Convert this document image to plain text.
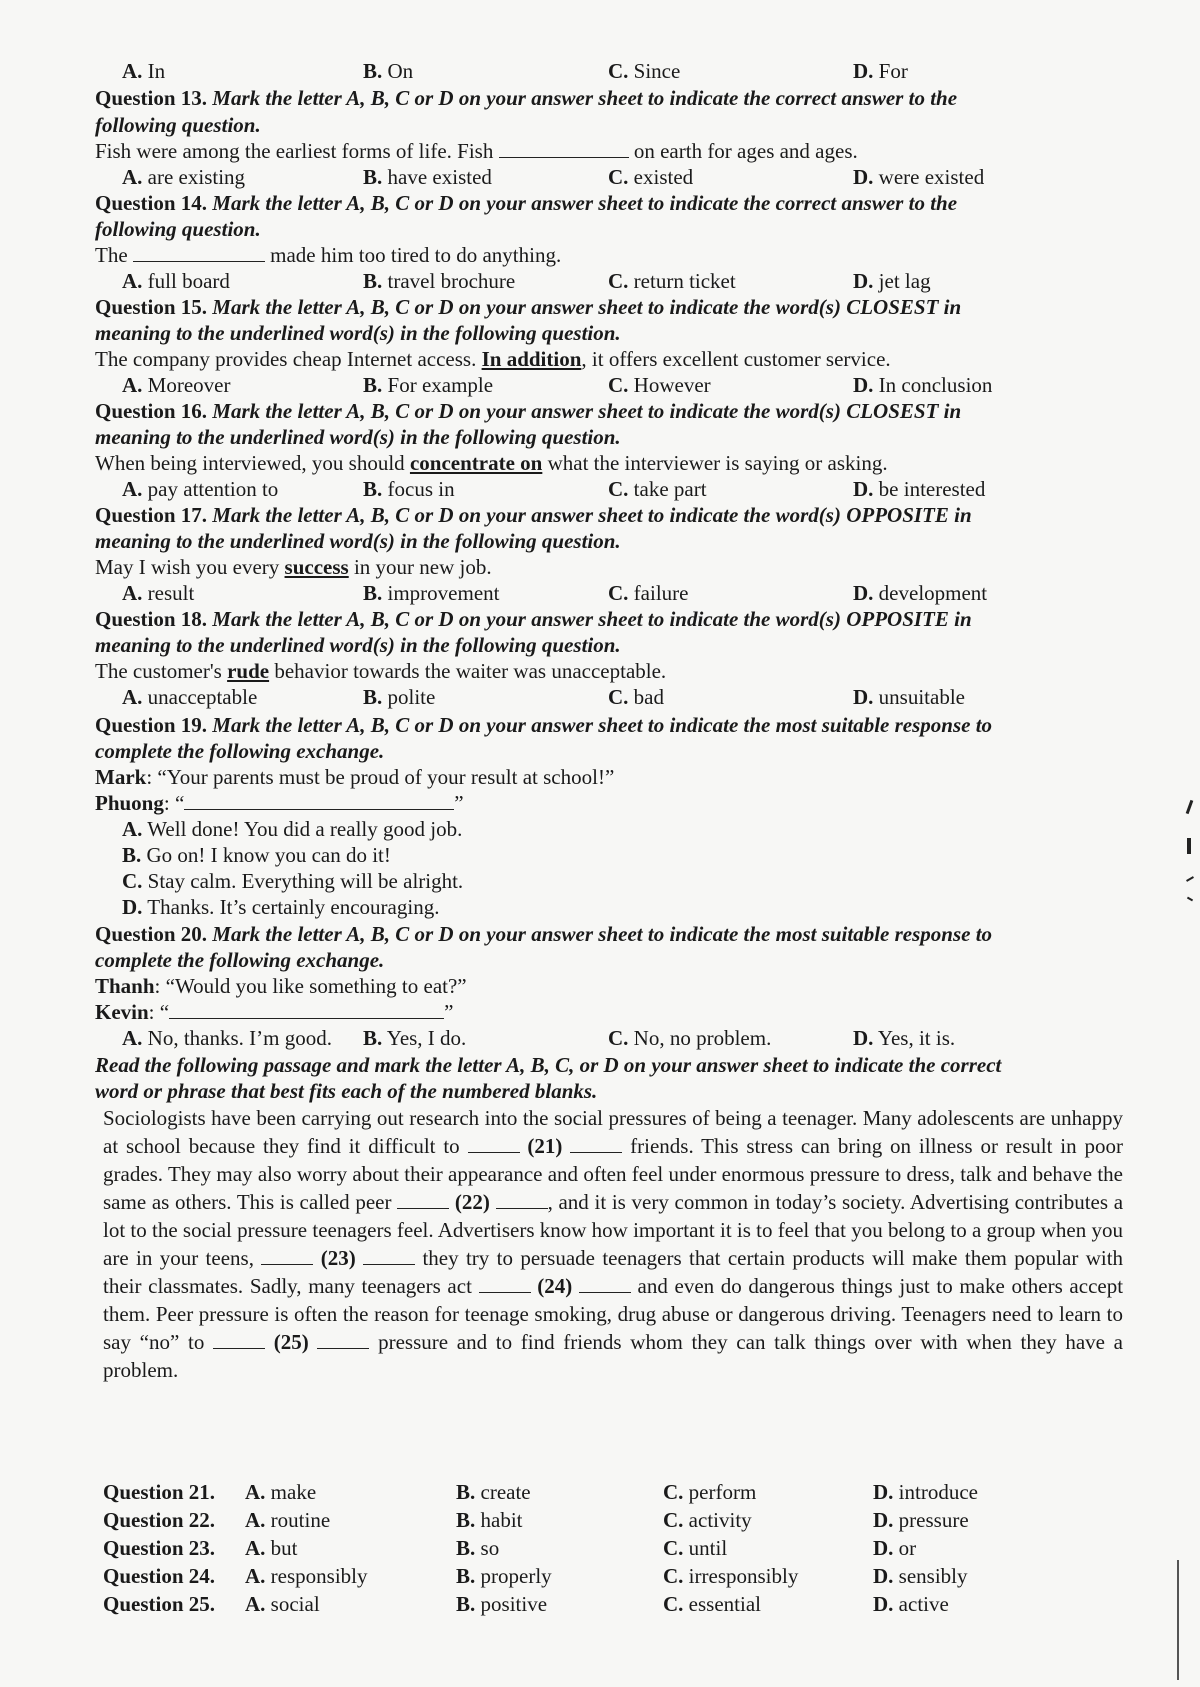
A. In	B. On	C. Since	D. For
Question 13. Mark the letter A, B, C or D on your answer sheet to indicate the correct answer to the
following question.
Fish were among the earliest forms of life. Fish	on earth for ages and ages.
A. are existing	B. have existed	C. existed	D. were existed
Question 14. Mark the letter A, B, C or D on your answer sheet to indicate the correct answer to the
following question.
The	made him too tired to do anything.
A. full board	B. travel brochure	C. return ticket	D. jet lag
Question 15. Mark the letter A, B, C or D on your answer sheet to indicate the word(s) CLOSEST in
meaning to the underlined word(s) in the following question.
The company provides cheap Internet access. In addition, it offers excellent customer service.
A. Moreover	B. For example	C. However	D. In conclusion
Question 16. Mark the letter A, B, C or D on your answer sheet to indicate the word(s) CLOSEST in
meaning to the underlined word(s) in the following question.
When being interviewed, you should concentrate on what the interviewer is saying or asking.
A. pay attention to	B. focus in	C. take part	D. be interested
Question 17. Mark the letter A, B, C or D on your answer sheet to indicate the word(s) OPPOSITE in
meaning to the underlined word(s) in the following question.
May I wish you every success in your new job.
A. result	B. improvement	C. failure	D. development
Question 18. Mark the letter A, B, C or D on your answer sheet to indicate the word(s) OPPOSITE in
meaning to the underlined word(s) in the following question.
The customer's rude behavior towards the waiter was unacceptable.
A. unacceptable	B. polite	C. bad	D. unsuitable
Question 19. Mark the letter A, B, C or D on your answer sheet to indicate the most suitable response to
complete the following exchange.
Mark: “Your parents must be proud of your result at school!”
Phuong: “	”
A. Well done! You did a really good job.
B. Go on! I know you can do it!
C. Stay calm. Everything will be alright.
D. Thanks. It’s certainly encouraging.
Question 20. Mark the letter A, B, C or D on your answer sheet to indicate the most suitable response to
complete the following exchange.
Thanh: “Would you like something to eat?”
Kevin: “	”
A. No, thanks. I’m good. B. Yes, I do.	C. No, no problem.	D. Yes, it is.
Read the following passage and mark the letter A, B, C, or D on your answer sheet to indicate the correct
word or phrase that best fits each of the numbered blanks.

Sociologists have been carrying out research into the social pressures of being a teenager. Many adolescents are unhappy at school because they find it difficult to	(21)	friends. This stress can bring on illness or result in poor grades. They may also worry about their appearance and often feel under enormous pressure to dress, talk and behave the same as others. This is called peer	(22)	, and it is very common in today’s society. Advertising contributes a lot to the social pressure teenagers feel. Advertisers know how important it is to feel that you belong to a group when you are in your teens,	(23)	they try to persuade teenagers that certain products will make them popular with their classmates. Sadly, many teenagers act	(24)	and even do dangerous things just to make others accept them. Peer pressure is often the reason for teenage smoking, drug abuse or dangerous driving. Teenagers need to learn to say “no” to	(25)	pressure and to find friends whom they can talk things over with when they have a problem.

Question 21. A. make	B. create	C. perform	D. introduce
Question 22. A. routine	B. habit	C. activity	D. pressure
Question 23. A. but	B. so	C. until	D. or
Question 24. A. responsibly	B. properly	C. irresponsibly	D. sensibly
Question 25. A. social	B. positive	C. essential	D. active
